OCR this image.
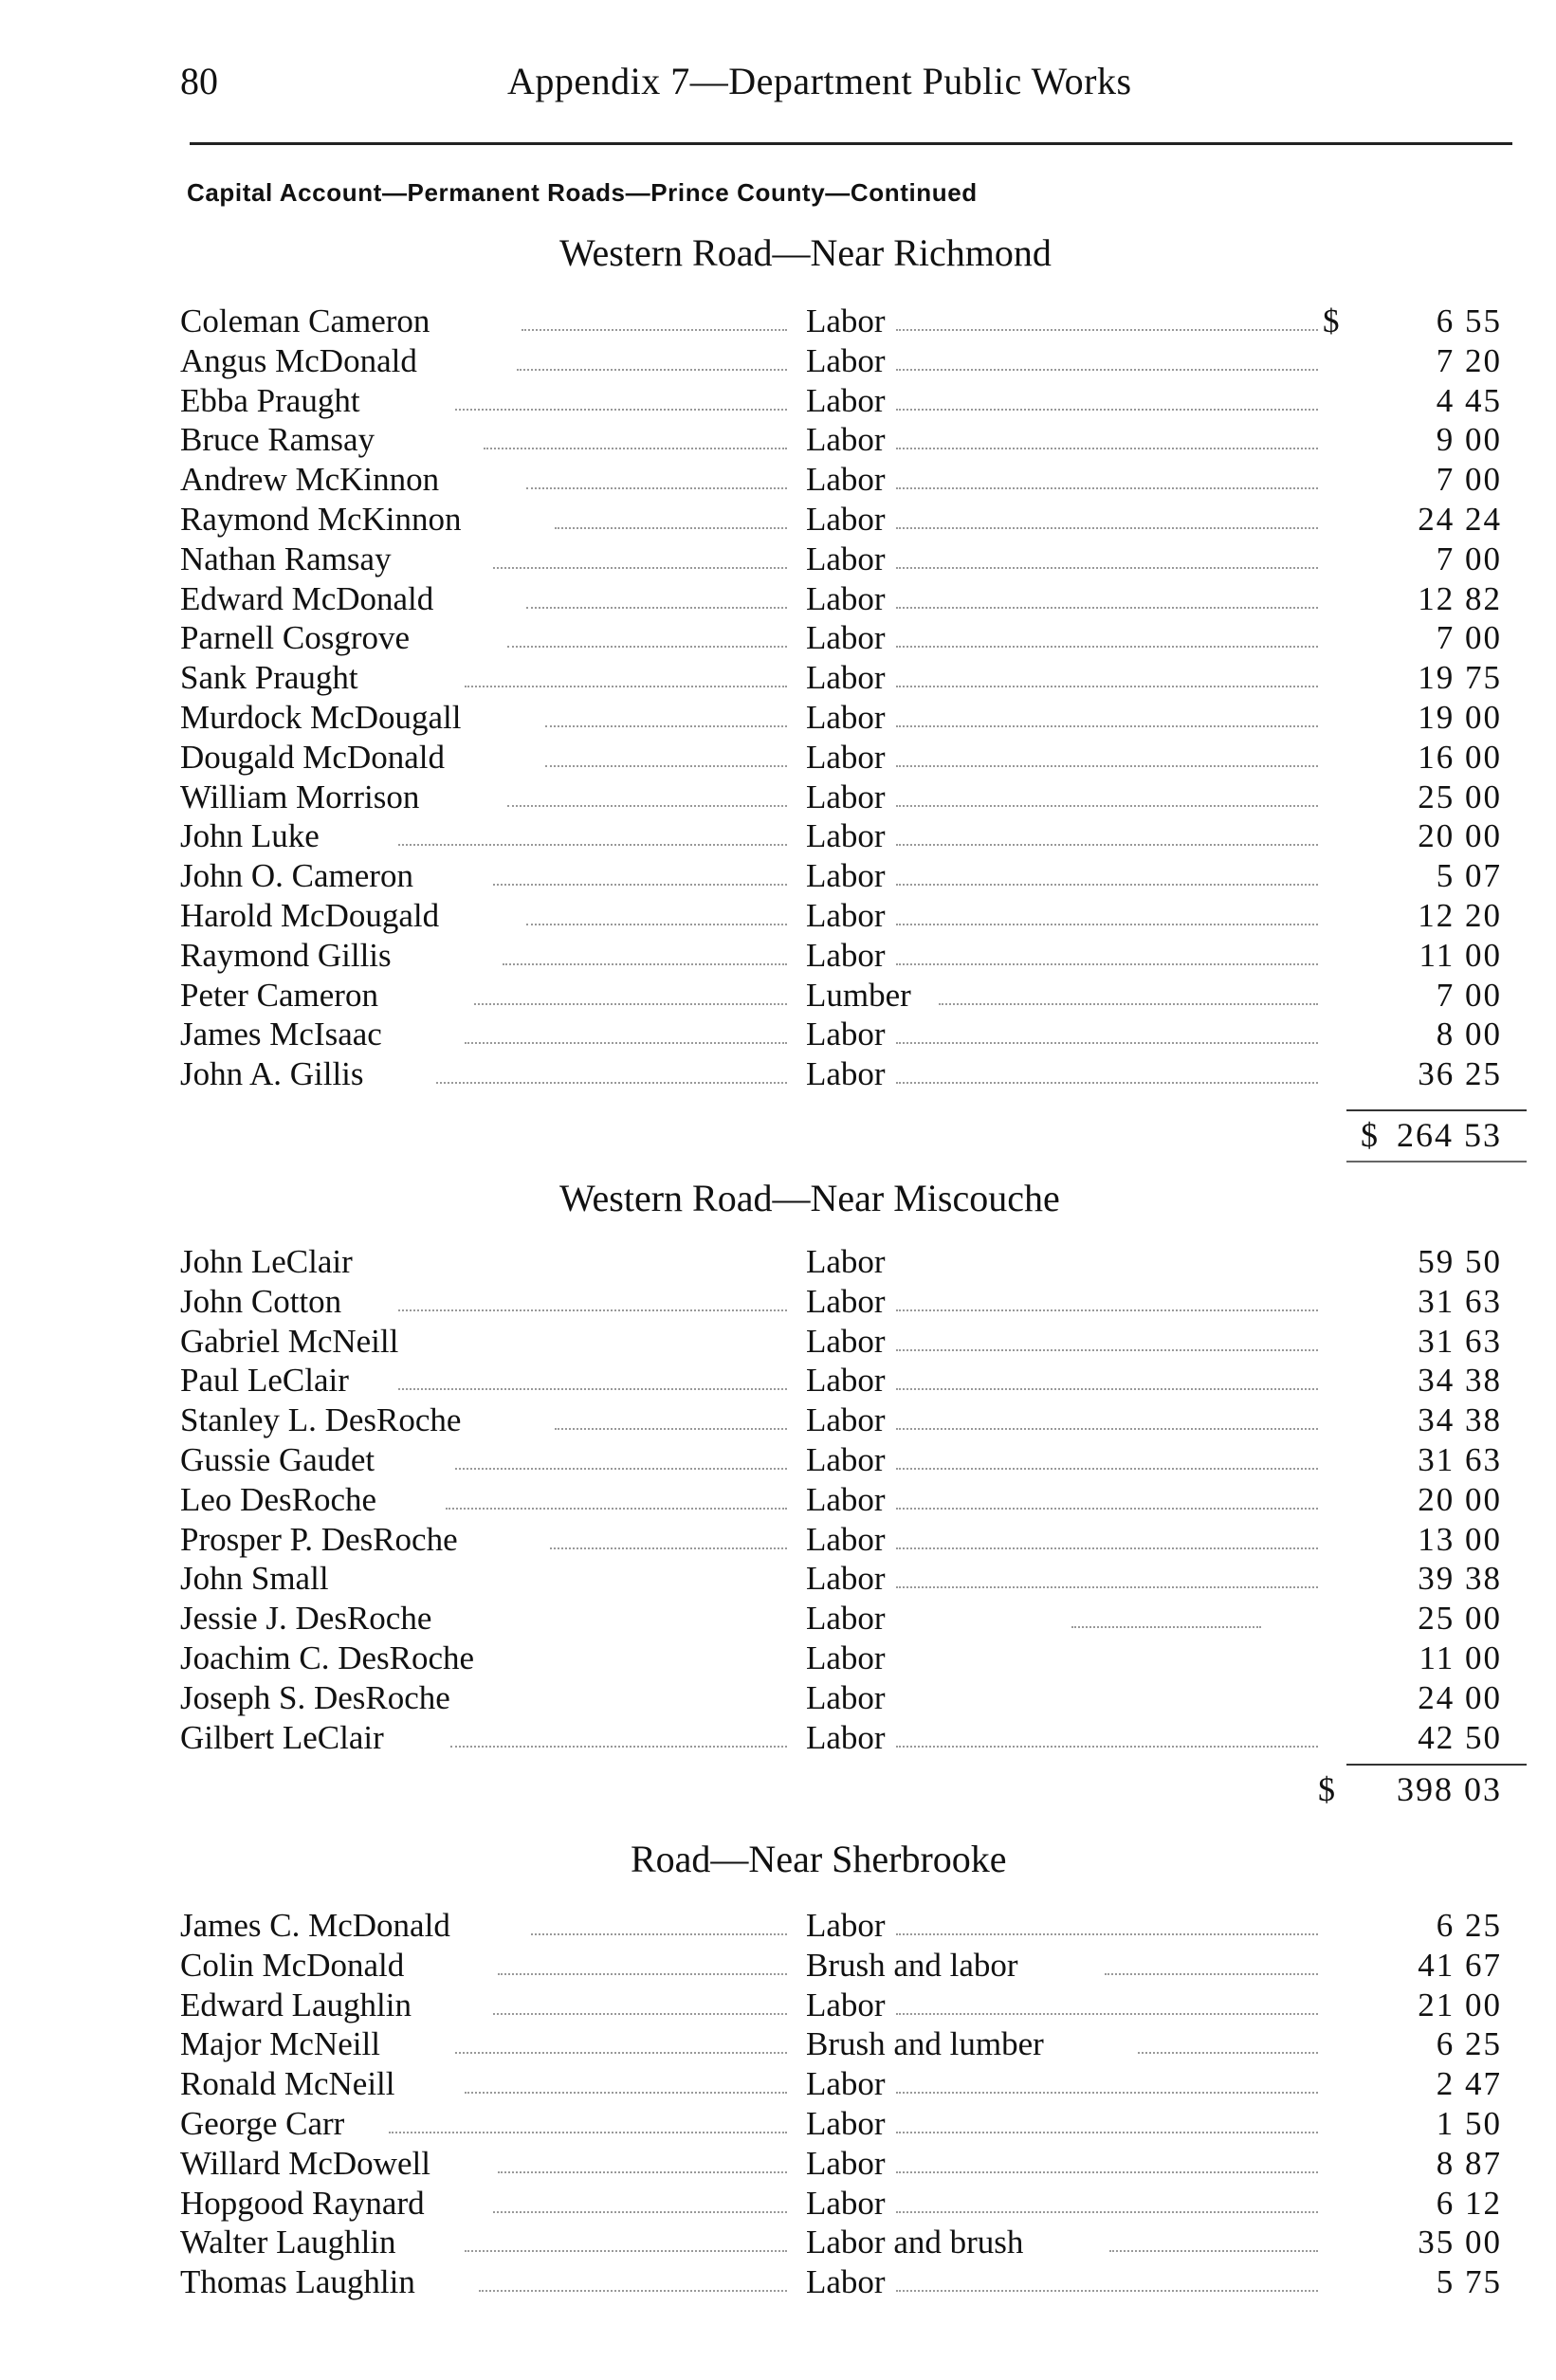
80	Appendix 7—Department Public Works
Capital Account—Permanent Roads—Prince County—Continued
Western Road—Near Richmond
Coleman Cameron	Labor	$	6 55
Angus McDonald	Labor	7 20
Ebba Praught	Labor	4 45
Bruce Ramsay	Labor	9 00
Andrew McKinnon	Labor	7 00
Raymond McKinnon	Labor	24 24
Nathan Ramsay	Labor	7 00
Edward McDonald	Labor	12 82
Parnell Cosgrove	Labor	7 00
Sank Praught	Labor	19 75
Murdock McDougall	Labor	19 00
Dougald McDonald	Labor	16 00
William Morrison	Labor	25 00
John Luke	Labor	20 00
John O. Cameron	Labor	5 07
Harold McDougald	Labor	12 20
Raymond Gillis	Labor	11 00
Peter Cameron	Lumber	7 00
James McIsaac	Labor	8 00
John A. Gillis	Labor	36 25
$ 264 53
Western Road—Near Miscouche
John LeClair	Labor	59 50
John Cotton	Labor	31 63
Gabriel McNeill	Labor	31 63
Paul LeClair	Labor	34 38
Stanley L. DesRoche	Labor	34 38
Gussie Gaudet	Labor	31 63
Leo DesRoche	Labor	20 00
Prosper P. DesRoche	Labor	13 00
John Small	Labor	39 38
Jessie J. DesRoche	Labor	25 00
Joachim C. DesRoche	Labor	11 00
Joseph S. DesRoche	Labor	24 00
Gilbert LeClair	Labor	42 50
$ 398 03
Road—Near Sherbrooke
James C. McDonald	Labor	6 25
Colin McDonald	Brush and labor	41 67
Edward Laughlin	Labor	21 00
Major McNeill	Brush and lumber	6 25
Ronald McNeill	Labor	2 47
George Carr	Labor	1 50
Willard McDowell	Labor	8 87
Hopgood Raynard	Labor	6 12
Walter Laughlin	Labor and brush	35 00
Thomas Laughlin	Labor	5 75
